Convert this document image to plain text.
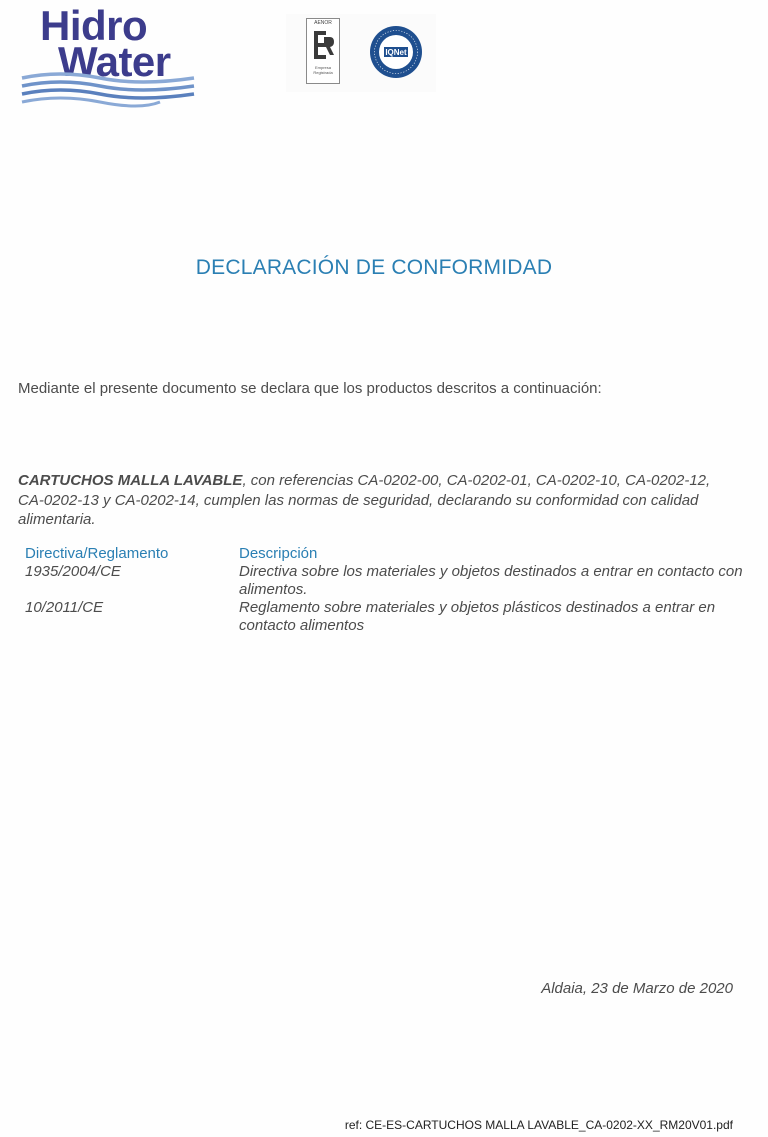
Hidro
Water
AENOR
Empresa Registrada
IQNet
DECLARACIÓN DE CONFORMIDAD
Mediante el presente documento se declara que los productos descritos a continuación:
CARTUCHOS MALLA LAVABLE, con referencias CA-0202-00, CA-0202-01, CA-0202-10, CA-0202-12, CA-0202-13 y CA-0202-14, cumplen las normas de seguridad, declarando su conformidad con calidad alimentaria.
Directiva/Reglamento	Descripción
1935/2004/CE	Directiva sobre los materiales y objetos destinados a entrar en contacto con alimentos.
10/2011/CE	Reglamento sobre materiales y objetos plásticos destinados a entrar en contacto alimentos
Aldaia, 23 de Marzo de 2020
ref: CE-ES-CARTUCHOS MALLA LAVABLE_CA-0202-XX_RM20V01.pdf
